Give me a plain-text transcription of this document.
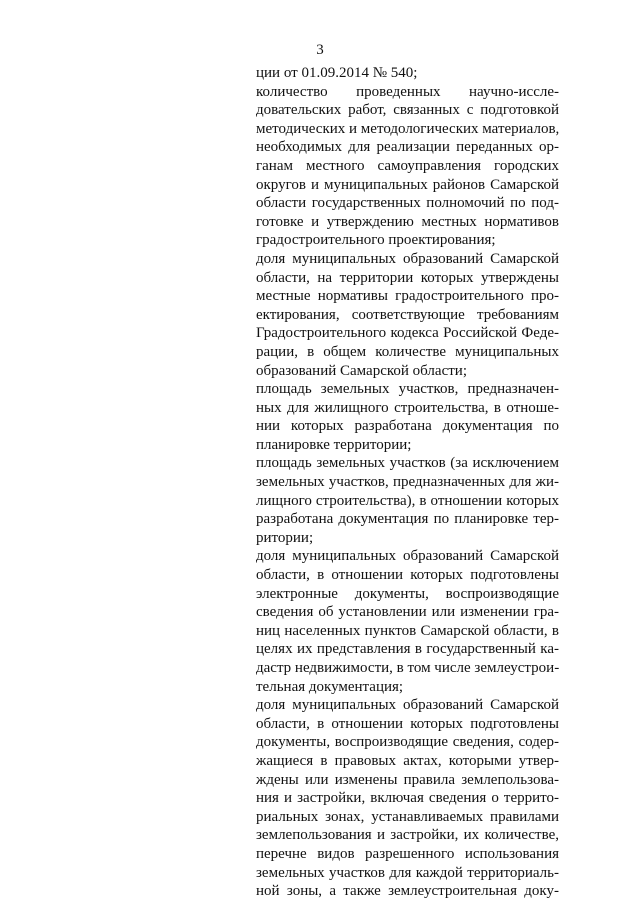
3
ции от 01.09.2014 № 540;
количество проведенных научно-иссле-
довательских работ, связанных с подготовкой
методических и методологических материалов,
необходимых для реализации переданных ор-
ганам местного самоуправления городских
округов и муниципальных районов Самарской
области государственных полномочий по под-
готовке и утверждению местных нормативов
градостроительного проектирования;
доля муниципальных образований Самарской
области, на территории которых утверждены
местные нормативы градостроительного про-
ектирования, соответствующие требованиям
Градостроительного кодекса Российской Феде-
рации, в общем количестве муниципальных
образований Самарской области;
площадь земельных участков, предназначен-
ных для жилищного строительства, в отноше-
нии которых разработана документация по
планировке территории;
площадь земельных участков (за исключением
земельных участков, предназначенных для жи-
лищного строительства), в отношении которых
разработана документация по планировке тер-
ритории;
доля муниципальных образований Самарской
области, в отношении которых подготовлены
электронные документы, воспроизводящие
сведения об установлении или изменении гра-
ниц населенных пунктов Самарской области, в
целях их представления в государственный ка-
дастр недвижимости, в том числе землеустрои-
тельная документация;
доля муниципальных образований Самарской
области, в отношении которых подготовлены
документы, воспроизводящие сведения, содер-
жащиеся в правовых актах, которыми утвер-
ждены или изменены правила землепользова-
ния и застройки, включая сведения о террито-
риальных зонах, устанавливаемых правилами
землепользования и застройки, их количестве,
перечне видов разрешенного использования
земельных участков для каждой территориаль-
ной зоны, а также землеустроительная доку-
